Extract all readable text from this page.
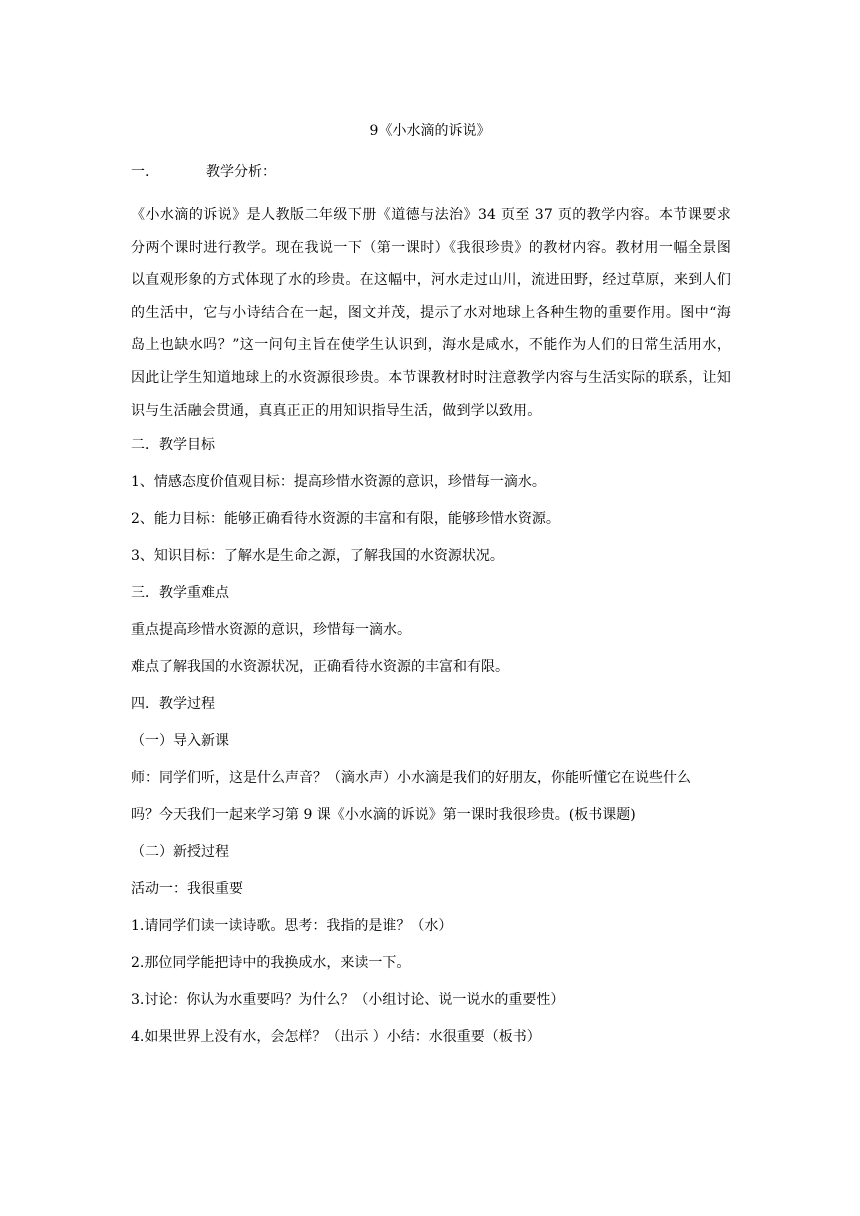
9《小水滴的诉说》
一.	教学分析：
《小水滴的诉说》是人教版二年级下册《道德与法治》34 页至 37 页的教学内容。本节课要求分两个课时进行教学。现在我说一下（第一课时）《我很珍贵》的教材内容。教材用一幅全景图以直观形象的方式体现了水的珍贵。在这幅中，河水走过山川，流进田野，经过草原，来到人们的生活中，它与小诗结合在一起，图文并茂，提示了水对地球上各种生物的重要作用。图中“海岛上也缺水吗？”这一问句主旨在使学生认识到，海水是咸水，不能作为人们的日常生活用水，因此让学生知道地球上的水资源很珍贵。本节课教材时时注意教学内容与生活实际的联系，让知识与生活融会贯通，真真正正的用知识指导生活，做到学以致用。
二．教学目标
1、情感态度价值观目标：提高珍惜水资源的意识，珍惜每一滴水。
2、能力目标：能够正确看待水资源的丰富和有限，能够珍惜水资源。
3、知识目标：了解水是生命之源，了解我国的水资源状况。
三．教学重难点
重点提高珍惜水资源的意识，珍惜每一滴水。
难点了解我国的水资源状况，正确看待水资源的丰富和有限。
四．教学过程
（一）导入新课
师：同学们听，这是什么声音？（滴水声）小水滴是我们的好朋友，你能听懂它在说些什么
吗？今天我们一起来学习第 9 课《小水滴的诉说》第一课时我很珍贵。(板书课题)
（二）新授过程
活动一：我很重要
1.请同学们读一读诗歌。思考：我指的是谁？（水）
2.那位同学能把诗中的我换成水，来读一下。
3.讨论：你认为水重要吗？为什么？（小组讨论、说一说水的重要性）
4.如果世界上没有水，会怎样？（出示 ）小结：水很重要（板书）
